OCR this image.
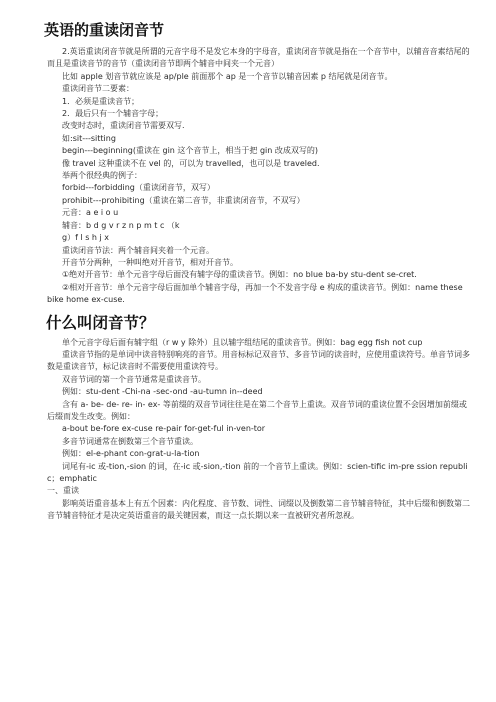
英语的重读闭音节

2.英语重读闭音节就是所谓的元音字母不是发它本身的字母音，重读闭音节就是指在一个音节中，以辅音音素结尾的而且是重读音节的音节（重读闭音节即两个辅音中间夹一个元音）

比如 apple 划音节就应该是 ap/ple 前面那个 ap 是一个音节以辅音因素 p 结尾就是闭音节。

重读闭音节二要素：

1．必须是重读音节；

2．最后只有一个辅音字母；

改变时态时，重读闭音节需要双写.

如:sit---sitting

begin---beginning(重读在 gin 这个音节上，相当于把 gin 改成双写的)

像 travel 这种重读不在 vel 的，可以为 travelled，也可以是 traveled.

举两个很经典的例子：

forbid---forbidding（重读闭音节，双写）

prohibit---prohibiting（重读在第二音节，非重读闭音节，不双写）

元音：a e i o u

辅音：b d g v r z n p m t c （k

g）f l s h j x

重读闭音节法：两个辅音间夹着一个元音。

开音节分两种，一种叫绝对开音节，相对开音节。

①绝对开音节：单个元音字母后面没有辅字母的重读音节。例如：no blue ba-by stu-dent se-cret.

②相对开音节：单个元音字母后面加单个辅音字母，再加一个不发音字母 e 构成的重读音节。例如：name these bike home ex-cuse.

什么叫闭音节？

单个元音字母后面有辅字组（r w y 除外）且以辅字组结尾的重读音节。例如：bag egg fish not cup

重读音节指的是单词中读音特别响亮的音节。用音标标记双音节、多音节词的读音时，应使用重读符号。单音节词多数是重读音节，标记读音时不需要使用重读符号。

双音节词的第一个音节通常是重读音节。

例如：stu-dent -Chi-na -sec-ond -au-tumn in--deed

含有 a- be- de- re- in- ex- 等前缀的双音节词往往是在第二个音节上重读。双音节词的重读位置不会因增加前缀或后缀而发生改变。例如：

a-bout be-fore ex-cuse re-pair for-get-ful in-ven-tor

多音节词通常在倒数第三个音节重读。

例如：el-e-phant con-grat-u-la-tion

词尾有-ic 或-tion,-sion 的词，在-ic 或-sion,-tion 前的一个音节上重读。例如：scien-tific im-pre ssion republic；emphatic

一、重读

影响英语重音基本上有五个因素：内化程度、音节数、词性、词缀以及倒数第二音节辅音特征，其中后缀和倒数第二音节辅音特征才是决定英语重音的最关键因素，而这一点长期以来一直被研究者所忽视。
